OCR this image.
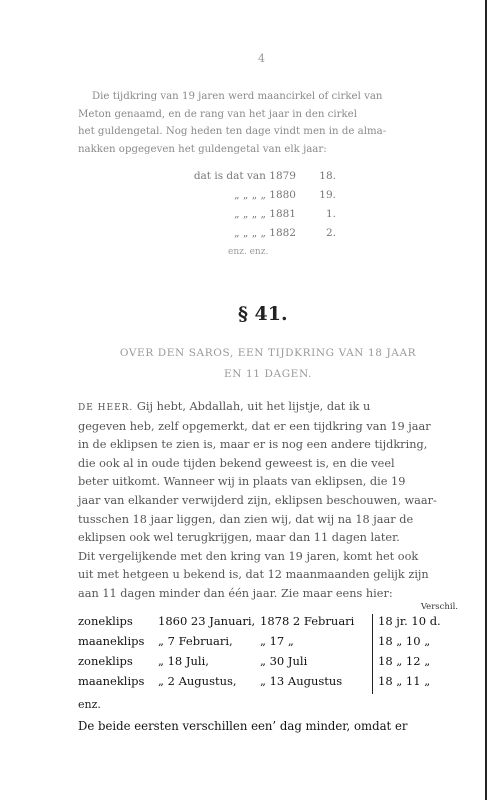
4

Die tijdkring van 19 jaren werd maancirkel of cirkel van

Meton genaamd, en de rang van het jaar in den cirkel
het guldengetal. Nog heden ten dage vindt men in de alma-
nakken opgegeven het guldengetal van elk jaar:
dat is dat van 1879	18.
„ „ „ „ 1880	19.
„ „ „ „ 1881	1.
„ „ „ „ 1882	2.
enz. enz.
§ 41.
OVER DEN SAROS, EEN TIJDKRING VAN 18 JAAR
EN 11 DAGEN.
DE HEER. Gij hebt, Abdallah, uit het lijstje, dat ik u
gegeven heb, zelf opgemerkt, dat er een tijdkring van 19 jaar
in de eklipsen te zien is, maar er is nog een andere tijdkring,
die ook al in oude tijden bekend geweest is, en die veel
beter uitkomt. Wanneer wij in plaats van eklipsen, die 19
jaar van elkander verwijderd zijn, eklipsen beschouwen, waar-
tusschen 18 jaar liggen, dan zien wij, dat wij na 18 jaar de
eklipsen ook wel terugkrijgen, maar dan 11 dagen later.
Dit vergelijkende met den kring van 19 jaren, komt het ook
uit met hetgeen u bekend is, dat 12 maanmaanden gelijk zijn
aan 11 dagen minder dan één jaar. Zie maar eens hier:
Verschil.
zoneklips 1860 23 Januari, 1878 2 Februari	18 jr. 10 d.
maaneklips „ 7 Februari,	„ 17 „	18 „ 10 „
zoneklips „ 18 Juli,	„ 30 Juli	18 „ 12 „
maaneklips „ 2 Augustus,	„ 13 Augustus	18 „ 11 „
enz.
De beide eersten verschillen een’ dag minder, omdat er
